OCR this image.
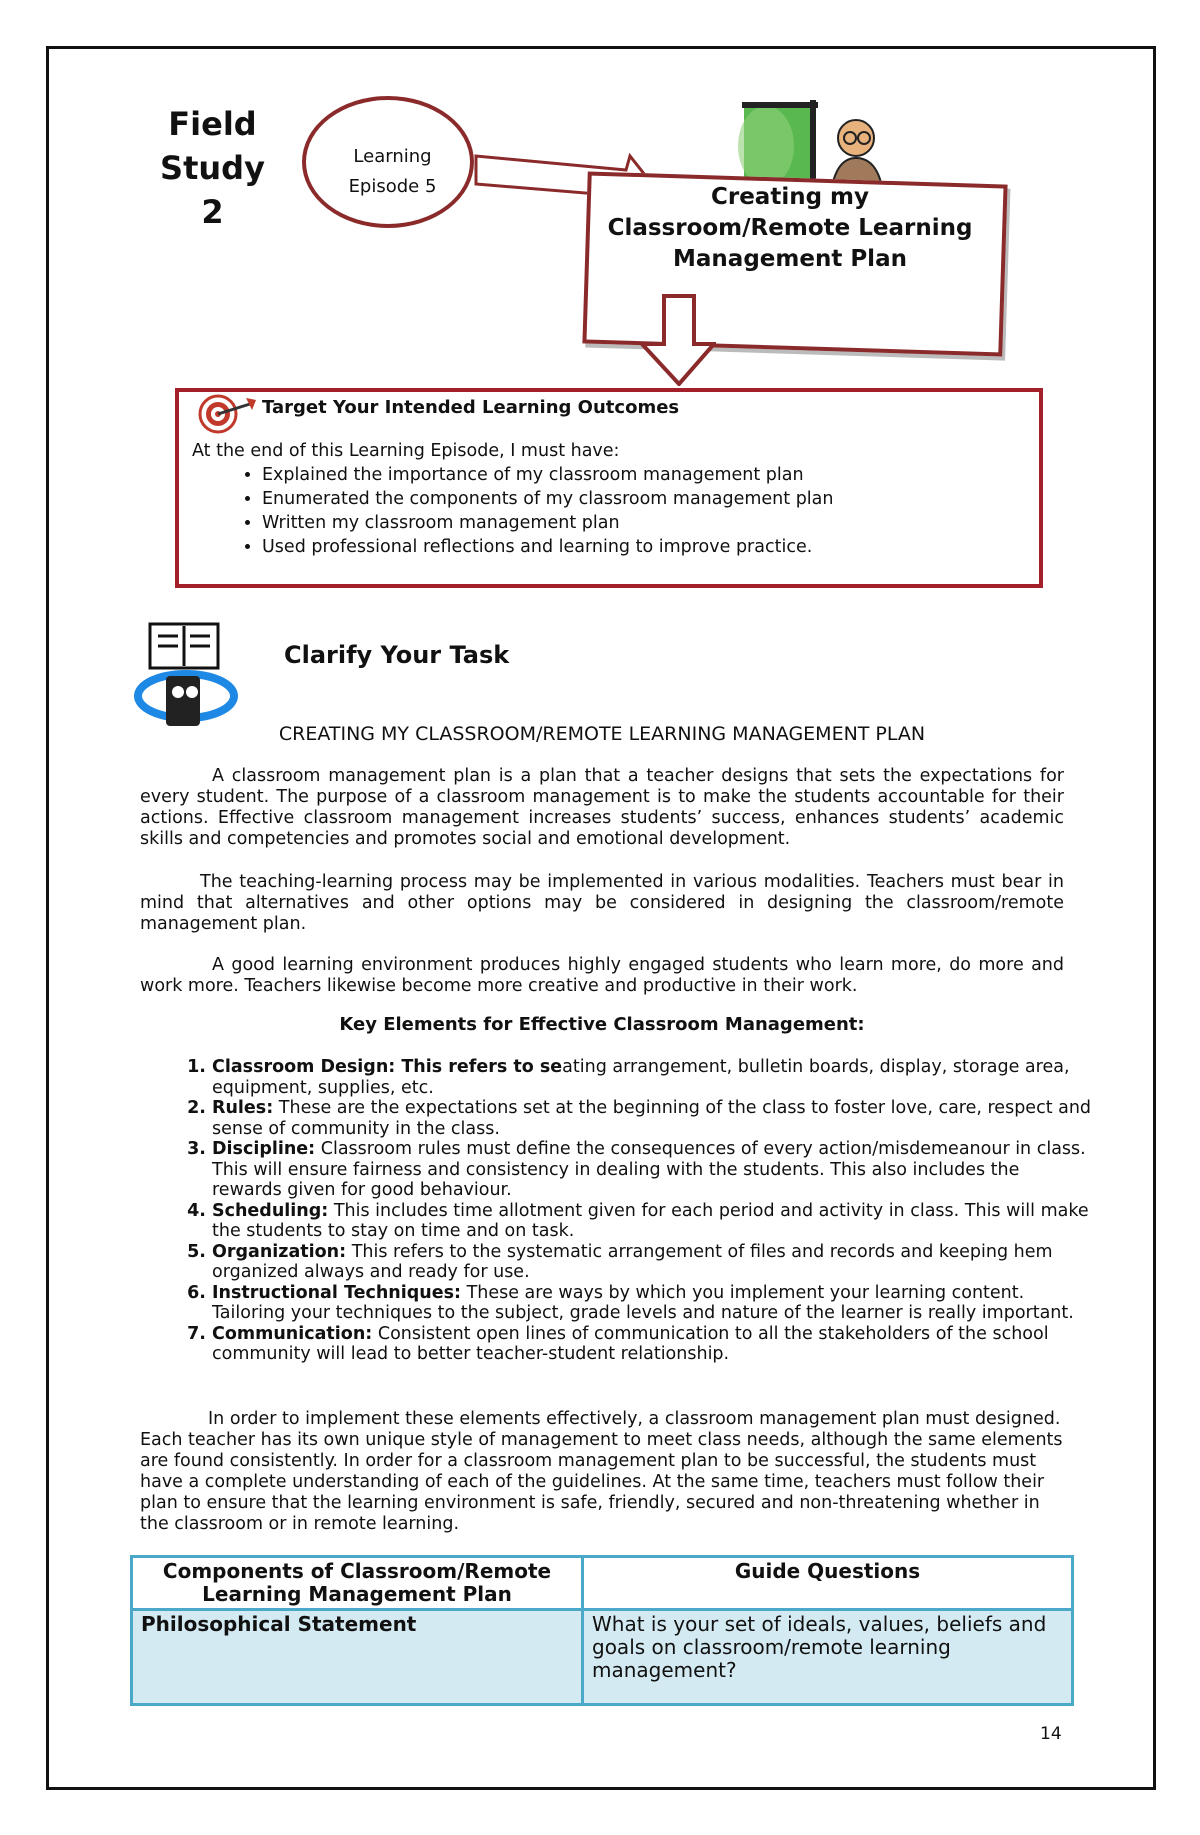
Field
Study
2
Learning
Episode 5	Creating my
Classroom/Remote Learning
Management Plan
Target Your Intended Learning Outcomes
At the end of this Learning Episode, I must have:
• Explained the importance of my classroom management plan
• Enumerated the components of my classroom management plan
• Written my classroom management plan
• Used professional reflections and learning to improve practice.
Clarify Your Task
CREATING MY CLASSROOM/REMOTE LEARNING MANAGEMENT PLAN

A classroom management plan is a plan that a teacher designs that sets the expectations for every student. The purpose of a classroom management is to make the students accountable for their actions. Effective classroom management increases students’ success, enhances students’ academic skills and competencies and promotes social and emotional development.

The teaching-learning process may be implemented in various modalities. Teachers must bear in mind that alternatives and other options may be considered in designing the classroom/remote management plan.

A good learning environment produces highly engaged students who learn more, do more and work more. Teachers likewise become more creative and productive in their work.

Key Elements for Effective Classroom Management:
1. Classroom Design: This refers to seating arrangement, bulletin boards, display, storage area, equipment, supplies, etc.
2. Rules: These are the expectations set at the beginning of the class to foster love, care, respect and sense of community in the class.
3. Discipline: Classroom rules must define the consequences of every action/misdemeanour in class. This will ensure fairness and consistency in dealing with the students. This also includes the rewards given for good behaviour.
4. Scheduling: This includes time allotment given for each period and activity in class. This will make the students to stay on time and on task.
5. Organization: This refers to the systematic arrangement of files and records and keeping hem organized always and ready for use.
6. Instructional Techniques: These are ways by which you implement your learning content. Tailoring your techniques to the subject, grade levels and nature of the learner is really important.
7. Communication: Consistent open lines of communication to all the stakeholders of the school community will lead to better teacher-student relationship.

In order to implement these elements effectively, a classroom management plan must designed. Each teacher has its own unique style of management to meet class needs, although the same elements are found consistently. In order for a classroom management plan to be successful, the students must have a complete understanding of each of the guidelines. At the same time, teachers must follow their plan to ensure that the learning environment is safe, friendly, secured and non-threatening whether in the classroom or in remote learning.

Components of Classroom/Remote Learning Management Plan	Guide Questions
Philosophical Statement	What is your set of ideals, values, beliefs and goals on classroom/remote learning management?
14
